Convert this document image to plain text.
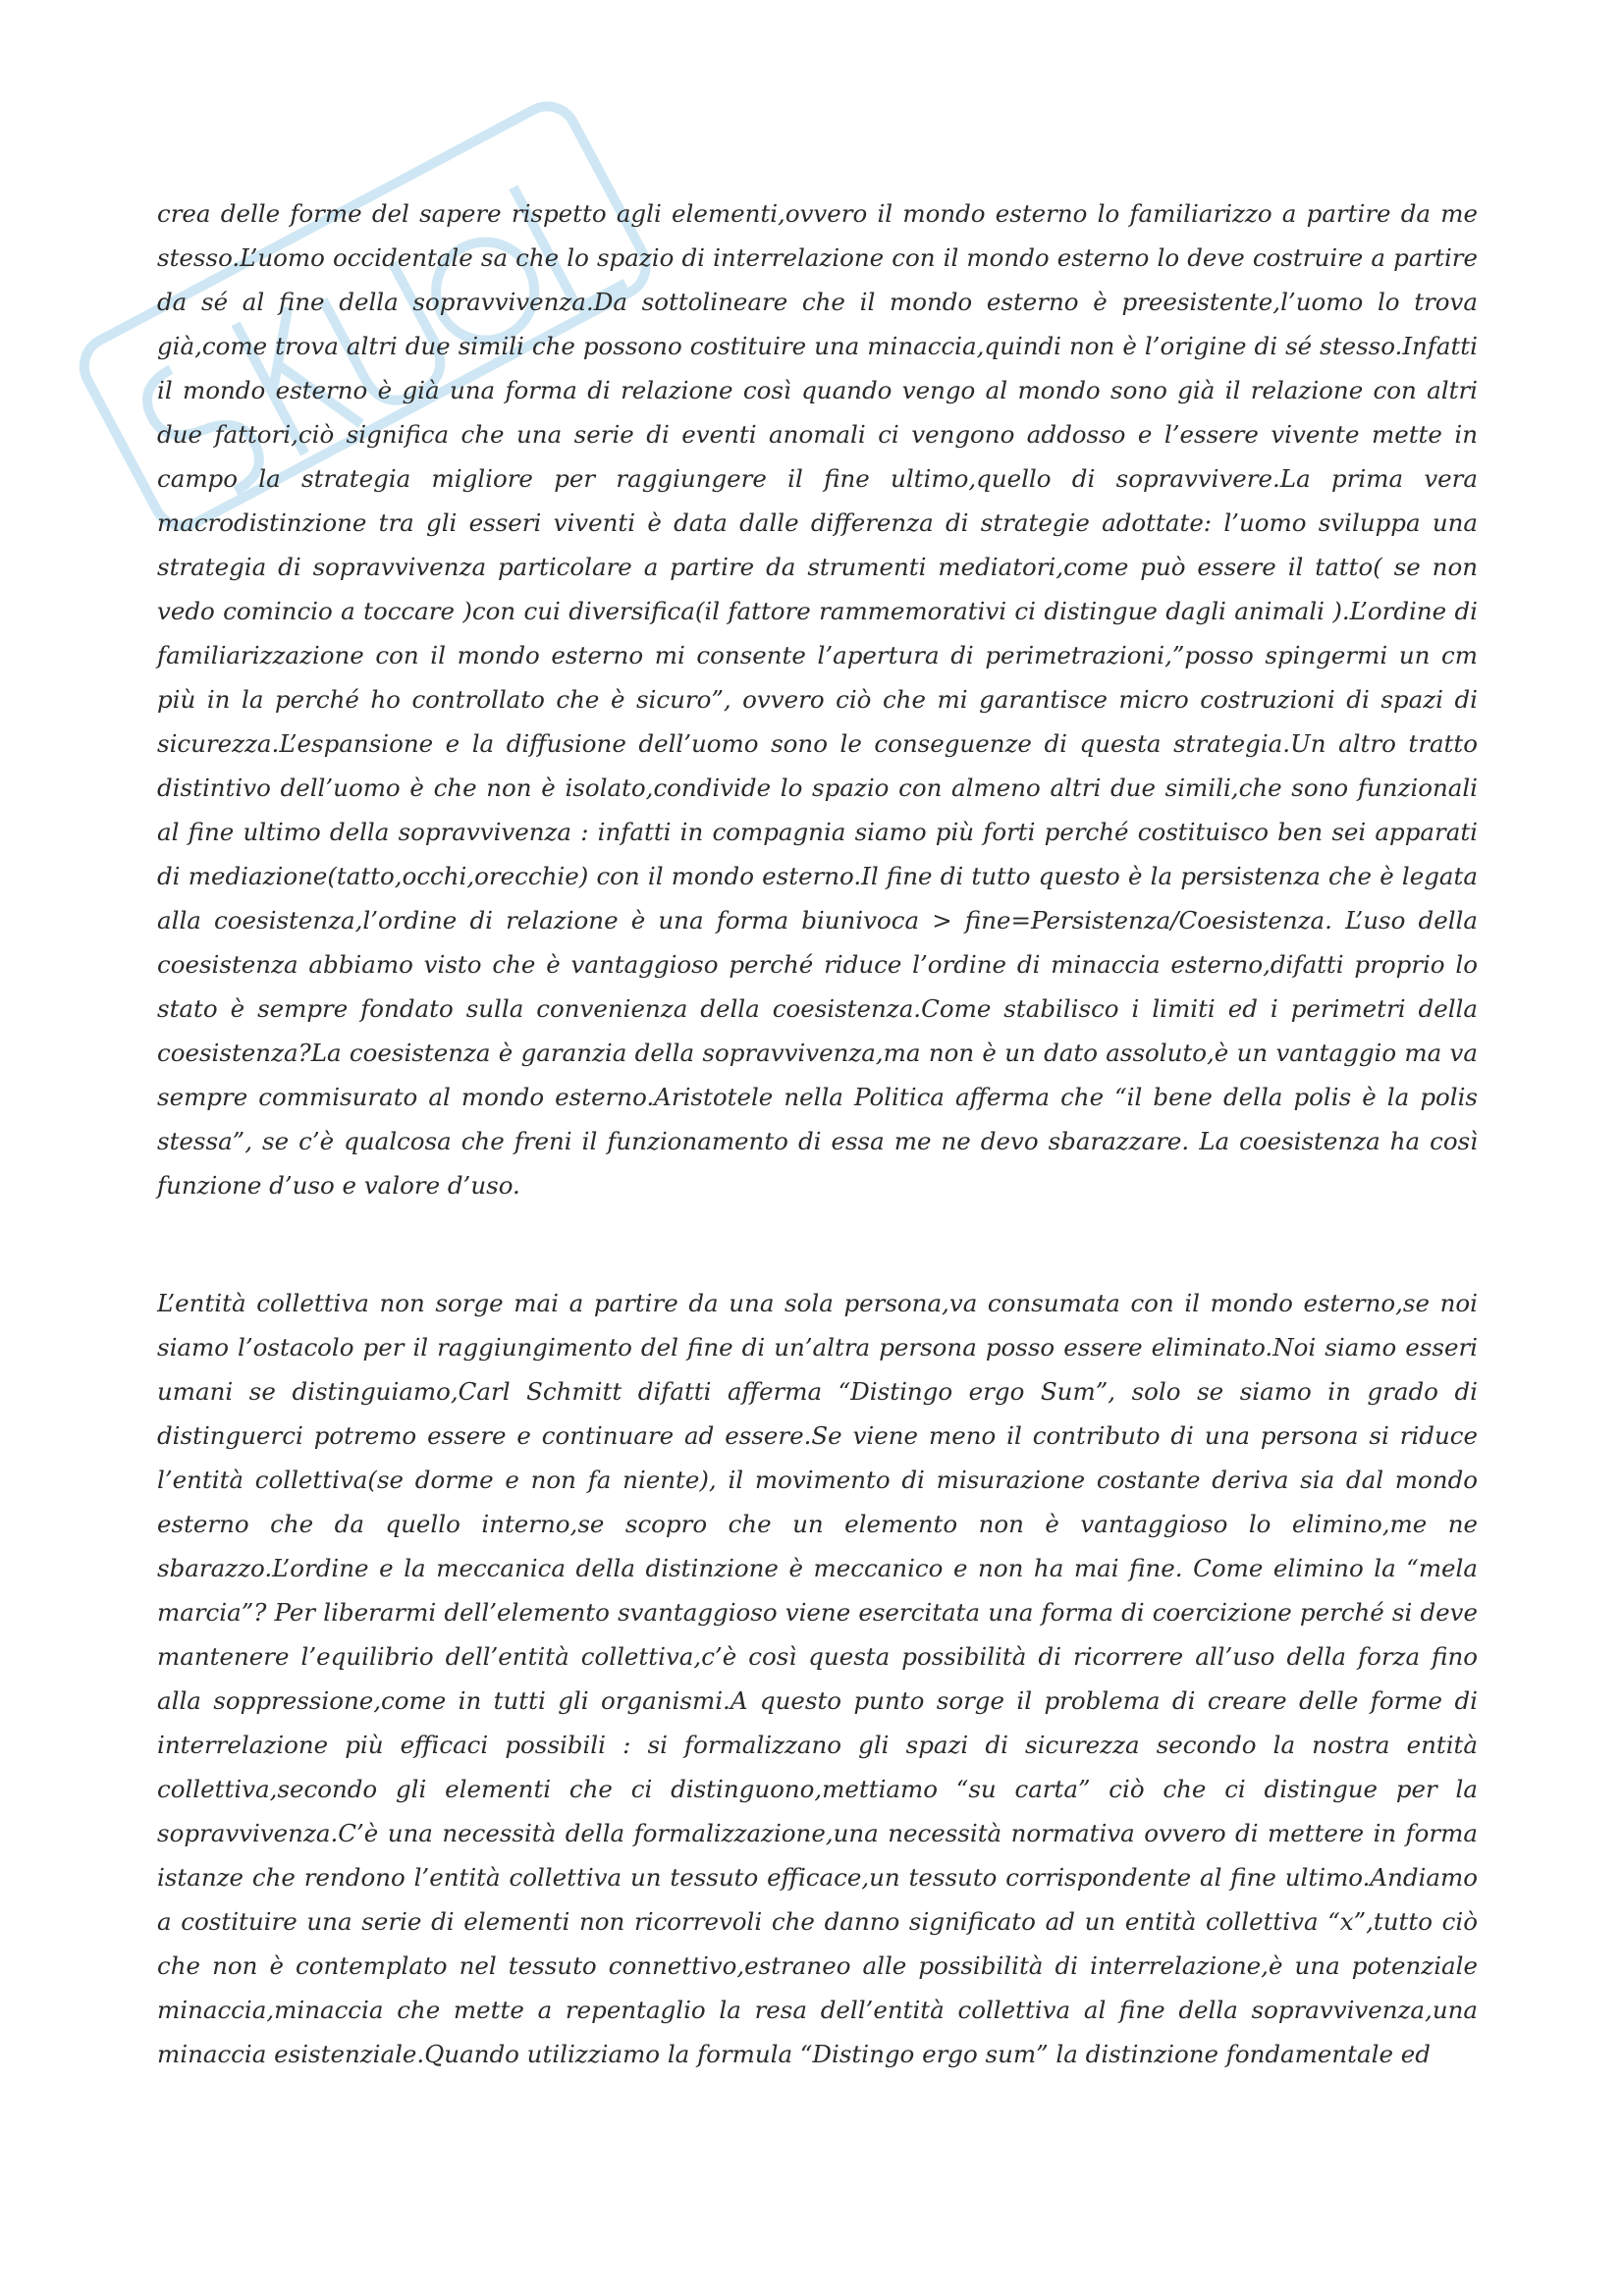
crea delle forme del sapere rispetto agli elementi,ovvero il mondo esterno lo familiarizzo a partire da me stesso.L’uomo occidentale sa che lo spazio di interrelazione con il mondo esterno lo deve costruire a partire da sé al fine della sopravvivenza.Da sottolineare che il mondo esterno è preesistente,l’uomo lo trova già,come trova altri due simili che possono costituire una minaccia,quindi non è l’origine di sé stesso.Infatti il mondo esterno è già una forma di relazione così quando vengo al mondo sono già il relazione con altri due fattori,ciò significa che una serie di eventi anomali ci vengono addosso e l’essere vivente mette in campo la strategia migliore per raggiungere il fine ultimo,quello di sopravvivere.La prima vera macrodistinzione tra gli esseri viventi è data dalle differenza di strategie adottate: l’uomo sviluppa una strategia di sopravvivenza particolare a partire da strumenti mediatori,come può essere il tatto( se non vedo comincio a toccare )con cui diversifica(il fattore rammemorativi ci distingue dagli animali ).L’ordine di familiarizzazione con il mondo esterno mi consente l’apertura di perimetrazioni,”posso spingermi un cm più in la perché ho controllato che è sicuro”, ovvero ciò che mi garantisce micro costruzioni di spazi di sicurezza.L’espansione e la diffusione dell’uomo sono le conseguenze di questa strategia.Un altro tratto distintivo dell’uomo è che non è isolato,condivide lo spazio con almeno altri due simili,che sono funzionali al fine ultimo della sopravvivenza : infatti in compagnia siamo più forti perché costituisco ben sei apparati di mediazione(tatto,occhi,orecchie) con il mondo esterno.Il fine di tutto questo è la persistenza che è legata alla coesistenza,l’ordine di relazione è una forma biunivoca > fine=Persistenza/Coesistenza. L’uso della coesistenza abbiamo visto che è vantaggioso perché riduce l’ordine di minaccia esterno,difatti proprio lo stato è sempre fondato sulla convenienza della coesistenza.Come stabilisco i limiti ed i perimetri della coesistenza?La coesistenza è garanzia della sopravvivenza,ma non è un dato assoluto,è un vantaggio ma va sempre commisurato al mondo esterno.Aristotele nella Politica afferma che “il bene della polis è la polis stessa”, se c’è qualcosa che freni il funzionamento di essa me ne devo sbarazzare. La coesistenza ha così funzione d’uso e valore d’uso.

L’entità collettiva non sorge mai a partire da una sola persona,va consumata con il mondo esterno,se noi siamo l’ostacolo per il raggiungimento del fine di un’altra persona posso essere eliminato.Noi siamo esseri umani se distinguiamo,Carl Schmitt difatti afferma “Distingo ergo Sum”, solo se siamo in grado di distinguerci potremo essere e continuare ad essere.Se viene meno il contributo di una persona si riduce l’entità collettiva(se dorme e non fa niente), il movimento di misurazione costante deriva sia dal mondo esterno che da quello interno,se scopro che un elemento non è vantaggioso lo elimino,me ne sbarazzo.L’ordine e la meccanica della distinzione è meccanico e non ha mai fine. Come elimino la “mela marcia”? Per liberarmi dell’elemento svantaggioso viene esercitata una forma di coercizione perché si deve mantenere l’equilibrio dell’entità collettiva,c’è così questa possibilità di ricorrere all’uso della forza fino alla soppressione,come in tutti gli organismi.A questo punto sorge il problema di creare delle forme di interrelazione più efficaci possibili : si formalizzano gli spazi di sicurezza secondo la nostra entità collettiva,secondo gli elementi che ci distinguono,mettiamo “su carta” ciò che ci distingue per la sopravvivenza.C’è una necessità della formalizzazione,una necessità normativa ovvero di mettere in forma istanze che rendono l’entità collettiva un tessuto efficace,un tessuto corrispondente al fine ultimo.Andiamo a costituire una serie di elementi non ricorrevoli che danno significato ad un entità collettiva “x”,tutto ciò che non è contemplato nel tessuto connettivo,estraneo alle possibilità di interrelazione,è una potenziale minaccia,minaccia che mette a repentaglio la resa dell’entità collettiva al fine della sopravvivenza,una minaccia esistenziale.Quando utilizziamo la formula “Distingo ergo sum” la distinzione fondamentale ed
